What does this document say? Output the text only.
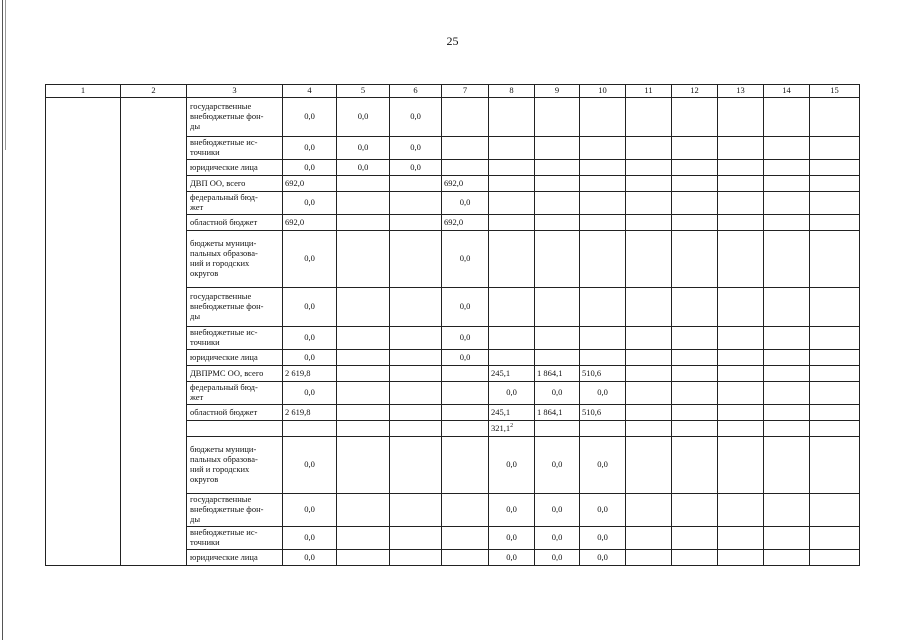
25
1	2	3	4	5	6	7	8	9	10	11	12	13	14	15

		государственные
внебюджетные фон-
ды	0,0	0,0	0,0									

		внебюджетные ис-
точники	0,0	0,0	0,0									

		юридические лица	0,0	0,0	0,0									

		ДВП ОО, всего	692,0			692,0								

		федеральный бюд-
жет	0,0			0,0								

		областной бюджет	692,0			692,0								

		бюджеты муници-
пальных образова-
ний и городских
округов	0,0			0,0								

		государственные
внебюджетные фон-
ды	0,0			0,0								

		внебюджетные ис-
точники	0,0			0,0								

		юридические лица	0,0			0,0								

		ДВПРМС ОО, всего	2 619,8				245,1	1 864,1	510,6					

		федеральный бюд-
жет	0,0				0,0	0,0	0,0					

		областной бюджет	2 619,8				245,1	1 864,1	510,6					

							321,1$^2$							

		бюджеты муници-
пальных образова-
ний и городских
округов	0,0				0,0	0,0	0,0					

		государственные
внебюджетные фон-
ды	0,0				0,0	0,0	0,0					

		внебюджетные ис-
точники	0,0				0,0	0,0	0,0					

		юридические лица	0,0				0,0	0,0	0,0					
